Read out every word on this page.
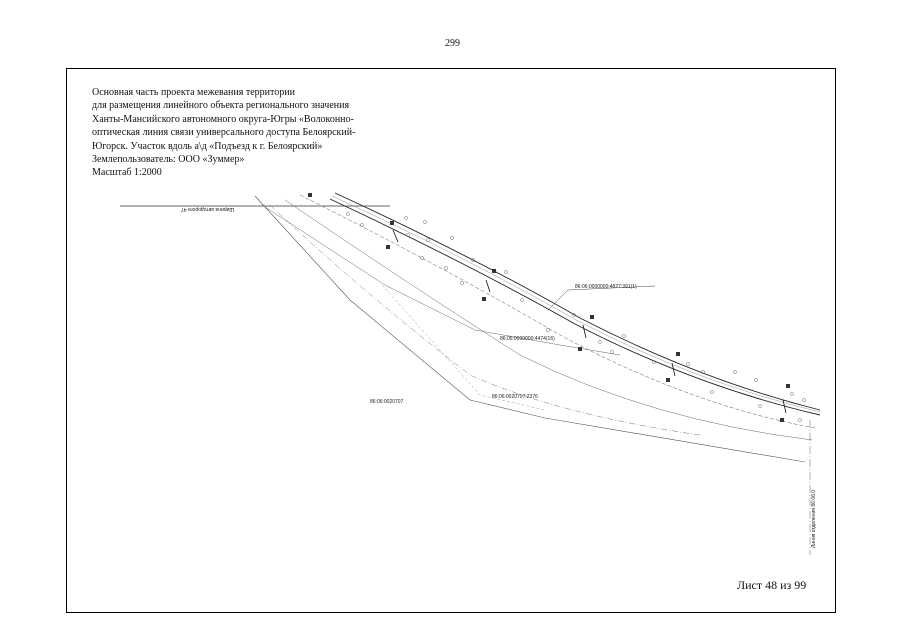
299
Основная часть проекта межевания территории
для размещения линейного объекта регионального значения
Ханты-Мансийского автономного округа-Югры «Волоконно-
оптическая линия связи универсального доступа Белоярский-
Югорск. Участок вдоль а\д «Подъезд к г. Белоярский»
Землепользователь: ООО «Зуммер»
Масштаб 1:2000
Ширина автодороги 47
86:06:0000000:4827:391(1)
86:06:0000000:4474(16)
86:06:0020707:2376
86:06:0020707
Линия отделения 86:06:0
Лист 48 из 99
